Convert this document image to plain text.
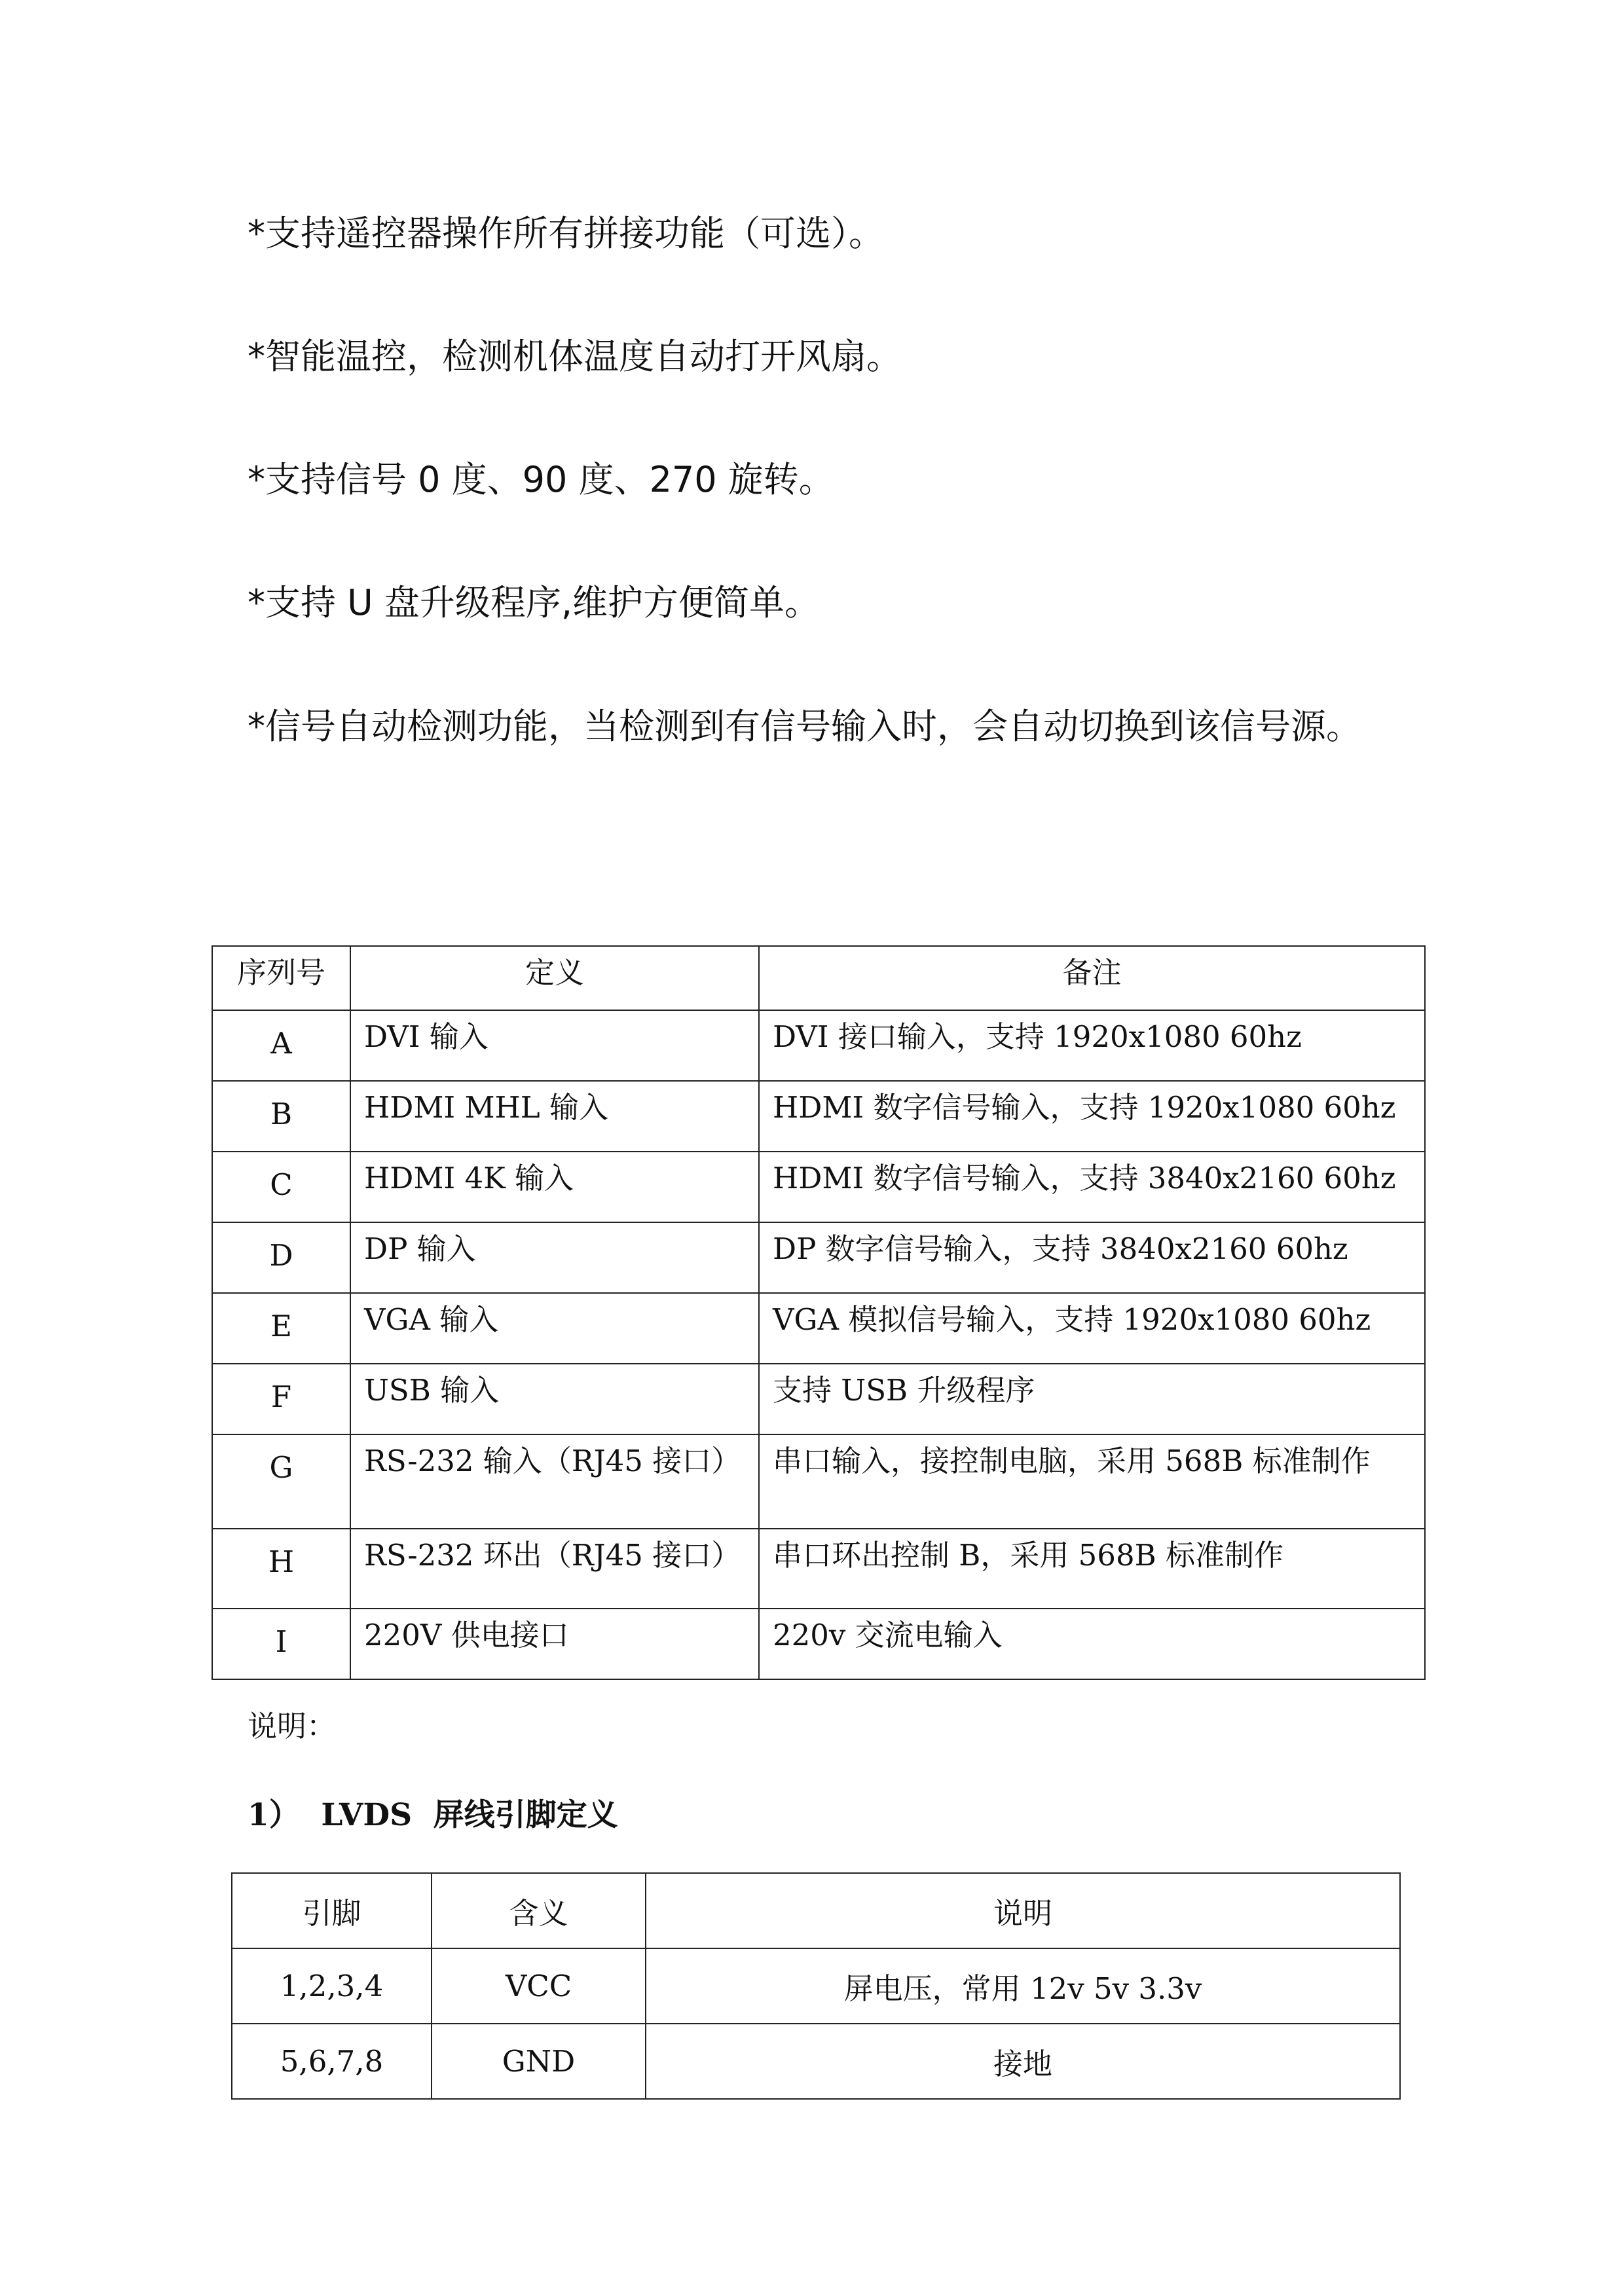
*支持遥控器操作所有拼接功能（可选）。
*智能温控，检测机体温度自动打开风扇。
*支持信号 0 度、90 度、270 旋转。
*支持 U 盘升级程序,维护方便简单。
*信号自动检测功能，当检测到有信号输入时，会自动切换到该信号源。
序列号	定义	备注
A	DVI 输入	DVI 接口输入，支持 1920x1080 60hz
B	HDMI MHL 输入	HDMI 数字信号输入，支持 1920x1080 60hz
C	HDMI 4K 输入	HDMI 数字信号输入，支持 3840x2160 60hz
D	DP 输入	DP 数字信号输入，支持 3840x2160 60hz
E	VGA 输入	VGA 模拟信号输入，支持 1920x1080 60hz
F	USB 输入	支持 USB 升级程序
G	RS-232 输入（RJ45 接口）	串口输入，接控制电脑，采用 568B 标准制作
H	RS-232 环出（RJ45 接口）	串口环出控制 B，采用 568B 标准制作
I	220V 供电接口	220v 交流电输入
说明：
1）  LVDS  屏线引脚定义
引脚	含义	说明
1,2,3,4	VCC	屏电压，常用 12v 5v 3.3v
5,6,7,8	GND	接地
